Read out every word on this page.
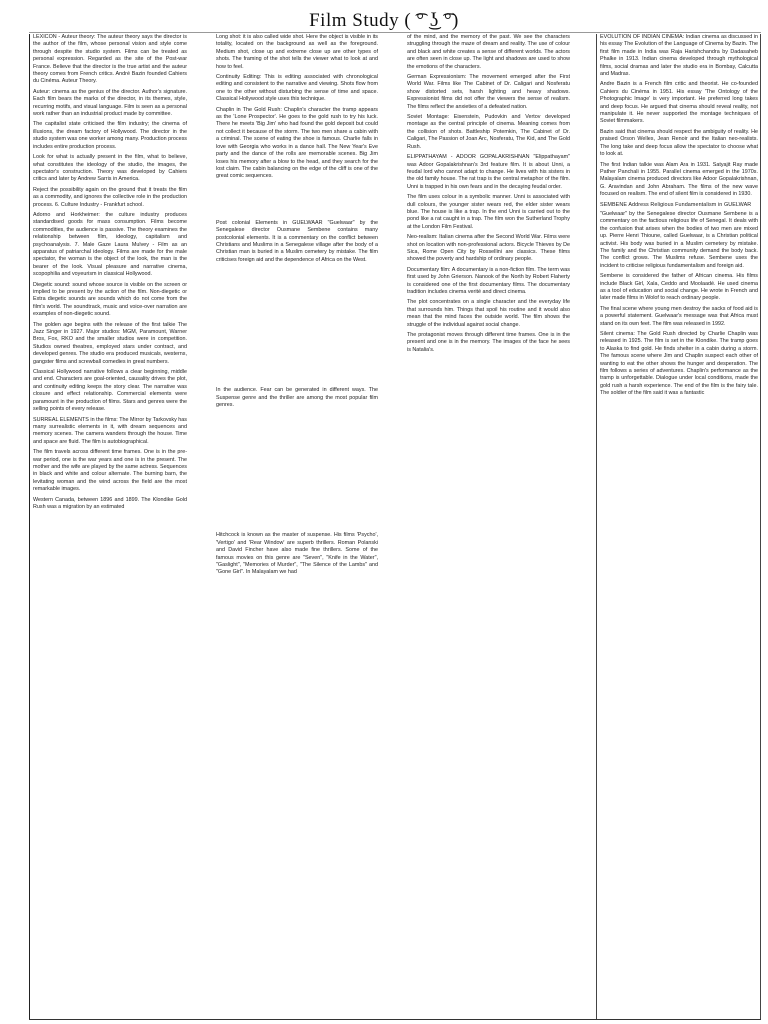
Film Study ( ͡° ͜ʖ ͡°)

LEXICON - Auteur theory: The auteur theory says the director is the author of the film, whose personal vision and style come through despite the studio system. Films can be treated as personal expression. Regarded as the site of the Post-war France. Believe that the director is the true artist and the auteur theory comes from French critics. André Bazin founded Cahiers du Cinéma. Auteur Theory.

Auteur: cinema as the genius of the director. Author's signature. Each film bears the marks of the director, in its themes, style, recurring motifs, and visual language. Film is seen as a personal work rather than an industrial product made by committee.

The capitalist state criticised the film industry; the cinema of illusions, the dream factory of Hollywood. The director in the studio system was one worker among many. Production process includes entire production process.

Look for what is actually present in the film, what to believe, what constitutes the ideology of the studio, the images, the spectator's construction. Theory was developed by Cahiers critics and later by Andrew Sarris in America.

Reject the possibility again on the ground that it treats the film as a commodity, and ignores the collective role in the production process. 6. Culture Industry - Frankfurt school.

Adorno and Horkheimer: the culture industry produces standardised goods for mass consumption. Films become commodities, the audience is passive. The theory examines the relationship between film, ideology, capitalism and psychoanalysis. 7. Male Gaze Laura Mulvey - Film as an apparatus of patriarchal ideology. Films are made for the male spectator, the woman is the object of the look, the man is the bearer of the look. Visual pleasure and narrative cinema, scopophilia and voyeurism in classical Hollywood.

Diegetic sound: sound whose source is visible on the screen or implied to be present by the action of the film. Non-diegetic or Extra diegetic sounds are sounds which do not come from the film's world. The soundtrack, music and voice-over narration are examples of non-diegetic sound.

The golden age begins with the release of the first talkie The Jazz Singer in 1927. Major studios: MGM, Paramount, Warner Bros, Fox, RKO and the smaller studios were in competition. Studios owned theatres, employed stars under contract, and developed genres. The studio era produced musicals, westerns, gangster films and screwball comedies in great numbers.

Classical Hollywood narrative follows a clear beginning, middle and end. Characters are goal-oriented, causality drives the plot, and continuity editing keeps the story clear. The narrative was closure and effect relationship. Commercial elements were paramount in the production of films. Stars and genres were the selling points of every release.

SURREAL ELEMENTS in the films: The Mirror by Tarkovsky has many surrealistic elements in it, with dream sequences and memory scenes. The camera wanders through the house. Time and space are fluid. The film is autobiographical.

The film travels across different time frames. One is in the pre-war period, one is the war years and one is in the present. The mother and the wife are played by the same actress. Sequences in black and white and colour alternate. The burning barn, the levitating woman and the wind across the field are the most remarkable images.

Western Canada, between 1896 and 1899. The Klondike Gold Rush was a migration by an estimated

Long shot: it is also called wide shot. Here the object is visible in its totality, located on the background as well as the foreground. Medium shot, close up and extreme close up are other types of shots. The framing of the shot tells the viewer what to look at and how to feel.

Continuity Editing: This is editing associated with chronological editing and consistent to the narrative and viewing. Shots flow from one to the other without disturbing the sense of time and space. Classical Hollywood style uses this technique.

Chaplin in The Gold Rush: Chaplin's character the tramp appears as the 'Lone Prospector'. He goes to the gold rush to try his luck. There he meets 'Big Jim' who had found the gold deposit but could not collect it because of the storm. The two men share a cabin with a criminal. The scene of eating the shoe is famous. Charlie falls in love with Georgia who works in a dance hall. The New Year's Eve party and the dance of the rolls are memorable scenes. Big Jim loses his memory after a blow to the head, and they search for the lost claim. The cabin balancing on the edge of the cliff is one of the great comic sequences.

Post colonial Elements in GUELWAAR "Guelwaar" by the Senegalese director Ousmane Sembene contains many postcolonial elements. It is a commentary on the conflict between Christians and Muslims in a Senegalese village after the body of a Christian man is buried in a Muslim cemetery by mistake. The film criticises foreign aid and the dependence of Africa on the West.

In the audience. Fear can be generated in different ways. The Suspense genre and the thriller are among the most popular film genres.

Hitchcock is known as the master of suspense. His films 'Psycho', 'Vertigo' and 'Rear Window' are superb thrillers. Roman Polanski and David Fincher have also made fine thrillers. Some of the famous movies on this genre are "Seven", "Knife in the Water", "Gaslight", "Memories of Murder", "The Silence of the Lambs" and "Gone Girl". In Malayalam we had

of the mind, and the memory of the past. We see the characters struggling through the maze of dream and reality. The use of colour and black and white creates a sense of different worlds. The actors are often seen in close up. The light and shadows are used to show the emotions of the characters.

German Expressionism: The movement emerged after the First World War. Films like The Cabinet of Dr. Caligari and Nosferatu show distorted sets, harsh lighting and heavy shadows. Expressionist films did not offer the viewers the sense of realism. The films reflect the anxieties of a defeated nation.

Soviet Montage: Eisenstein, Pudovkin and Vertov developed montage as the central principle of cinema. Meaning comes from the collision of shots. Battleship Potemkin, The Cabinet of Dr. Caligari, The Passion of Joan Arc, Nosferatu, The Kid, and The Gold Rush.

ELIPPATHAYAM - ADOOR GOPALAKRISHNAN "Elippathayam" was Adoor Gopalakrishnan's 3rd feature film. It is about Unni, a feudal lord who cannot adapt to change. He lives with his sisters in the old family house. The rat trap is the central metaphor of the film. Unni is trapped in his own fears and in the decaying feudal order.

The film uses colour in a symbolic manner. Unni is associated with dull colours, the younger sister wears red, the elder sister wears blue. The house is like a trap. In the end Unni is carried out to the pond like a rat caught in a trap. The film won the Sutherland Trophy at the London Film Festival.

Neo-realism: Italian cinema after the Second World War. Films were shot on location with non-professional actors. Bicycle Thieves by De Sica, Rome Open City by Rossellini are classics. These films showed the poverty and hardship of ordinary people.

Documentary film: A documentary is a non-fiction film. The term was first used by John Grierson. Nanook of the North by Robert Flaherty is considered one of the first documentary films. The documentary tradition includes cinema verité and direct cinema.

The plot concentrates on a single character and the everyday life that surrounds him. Things that spoil his routine and it would also mean that the mind faces the outside world. The film shows the struggle of the individual against social change.

The protagonist moves through different time frames. One is in the present and one is in the memory. The images of the face he sees is Natalia's.

EVOLUTION OF INDIAN CINEMA: Indian cinema as discussed in his essay The Evolution of the Language of Cinema by Bazin. The first film made in India was Raja Harishchandra by Dadasaheb Phalke in 1913. Indian cinema developed through mythological films, social dramas and later the studio era in Bombay, Calcutta and Madras.

Andre Bazin is a French film critic and theorist. He co-founded Cahiers du Cinéma in 1951. His essay 'The Ontology of the Photographic Image' is very important. He preferred long takes and deep focus. He argued that cinema should reveal reality, not manipulate it. He never supported the montage techniques of Soviet filmmakers.

Bazin said that cinema should respect the ambiguity of reality. He praised Orson Welles, Jean Renoir and the Italian neo-realists. The long take and deep focus allow the spectator to choose what to look at.

The first Indian talkie was Alam Ara in 1931. Satyajit Ray made Pather Panchali in 1955. Parallel cinema emerged in the 1970s. Malayalam cinema produced directors like Adoor Gopalakrishnan, G. Aravindan and John Abraham. The films of the new wave focused on realism. The end of silent film is considered in 1930.

SEMBENE Address Religious Fundamentalism in GUELWAR

"Guelwaar" by the Senegalese director Ousmane Sembene is a commentary on the factious religious life of Senegal. It deals with the confusion that arises when the bodies of two men are mixed up. Pierre Henri Thioune, called Guelwaar, is a Christian political activist. His body was buried in a Muslim cemetery by mistake. The family and the Christian community demand the body back. The conflict grows. The Muslims refuse. Sembene uses the incident to criticise religious fundamentalism and foreign aid.

Sembene is considered the father of African cinema. His films include Black Girl, Xala, Ceddo and Moolaadé. He used cinema as a tool of education and social change. He wrote in French and later made films in Wolof to reach ordinary people.

The final scene where young men destroy the sacks of food aid is a powerful statement. Guelwaar's message was that Africa must stand on its own feet. The film was released in 1992.

Silent cinema: The Gold Rush directed by Charlie Chaplin was released in 1925. The film is set in the Klondike. The tramp goes to Alaska to find gold. He finds shelter in a cabin during a storm. The famous scene where Jim and Chaplin suspect each other of wanting to eat the other shows the hunger and desperation. The film follows a series of adventures. Chaplin's performance as the tramp is unforgettable. Dialogue under local conditions, made the gold rush a harsh experience. The end of the film is the fairy tale. The soldier of the film said it was a fantastic
